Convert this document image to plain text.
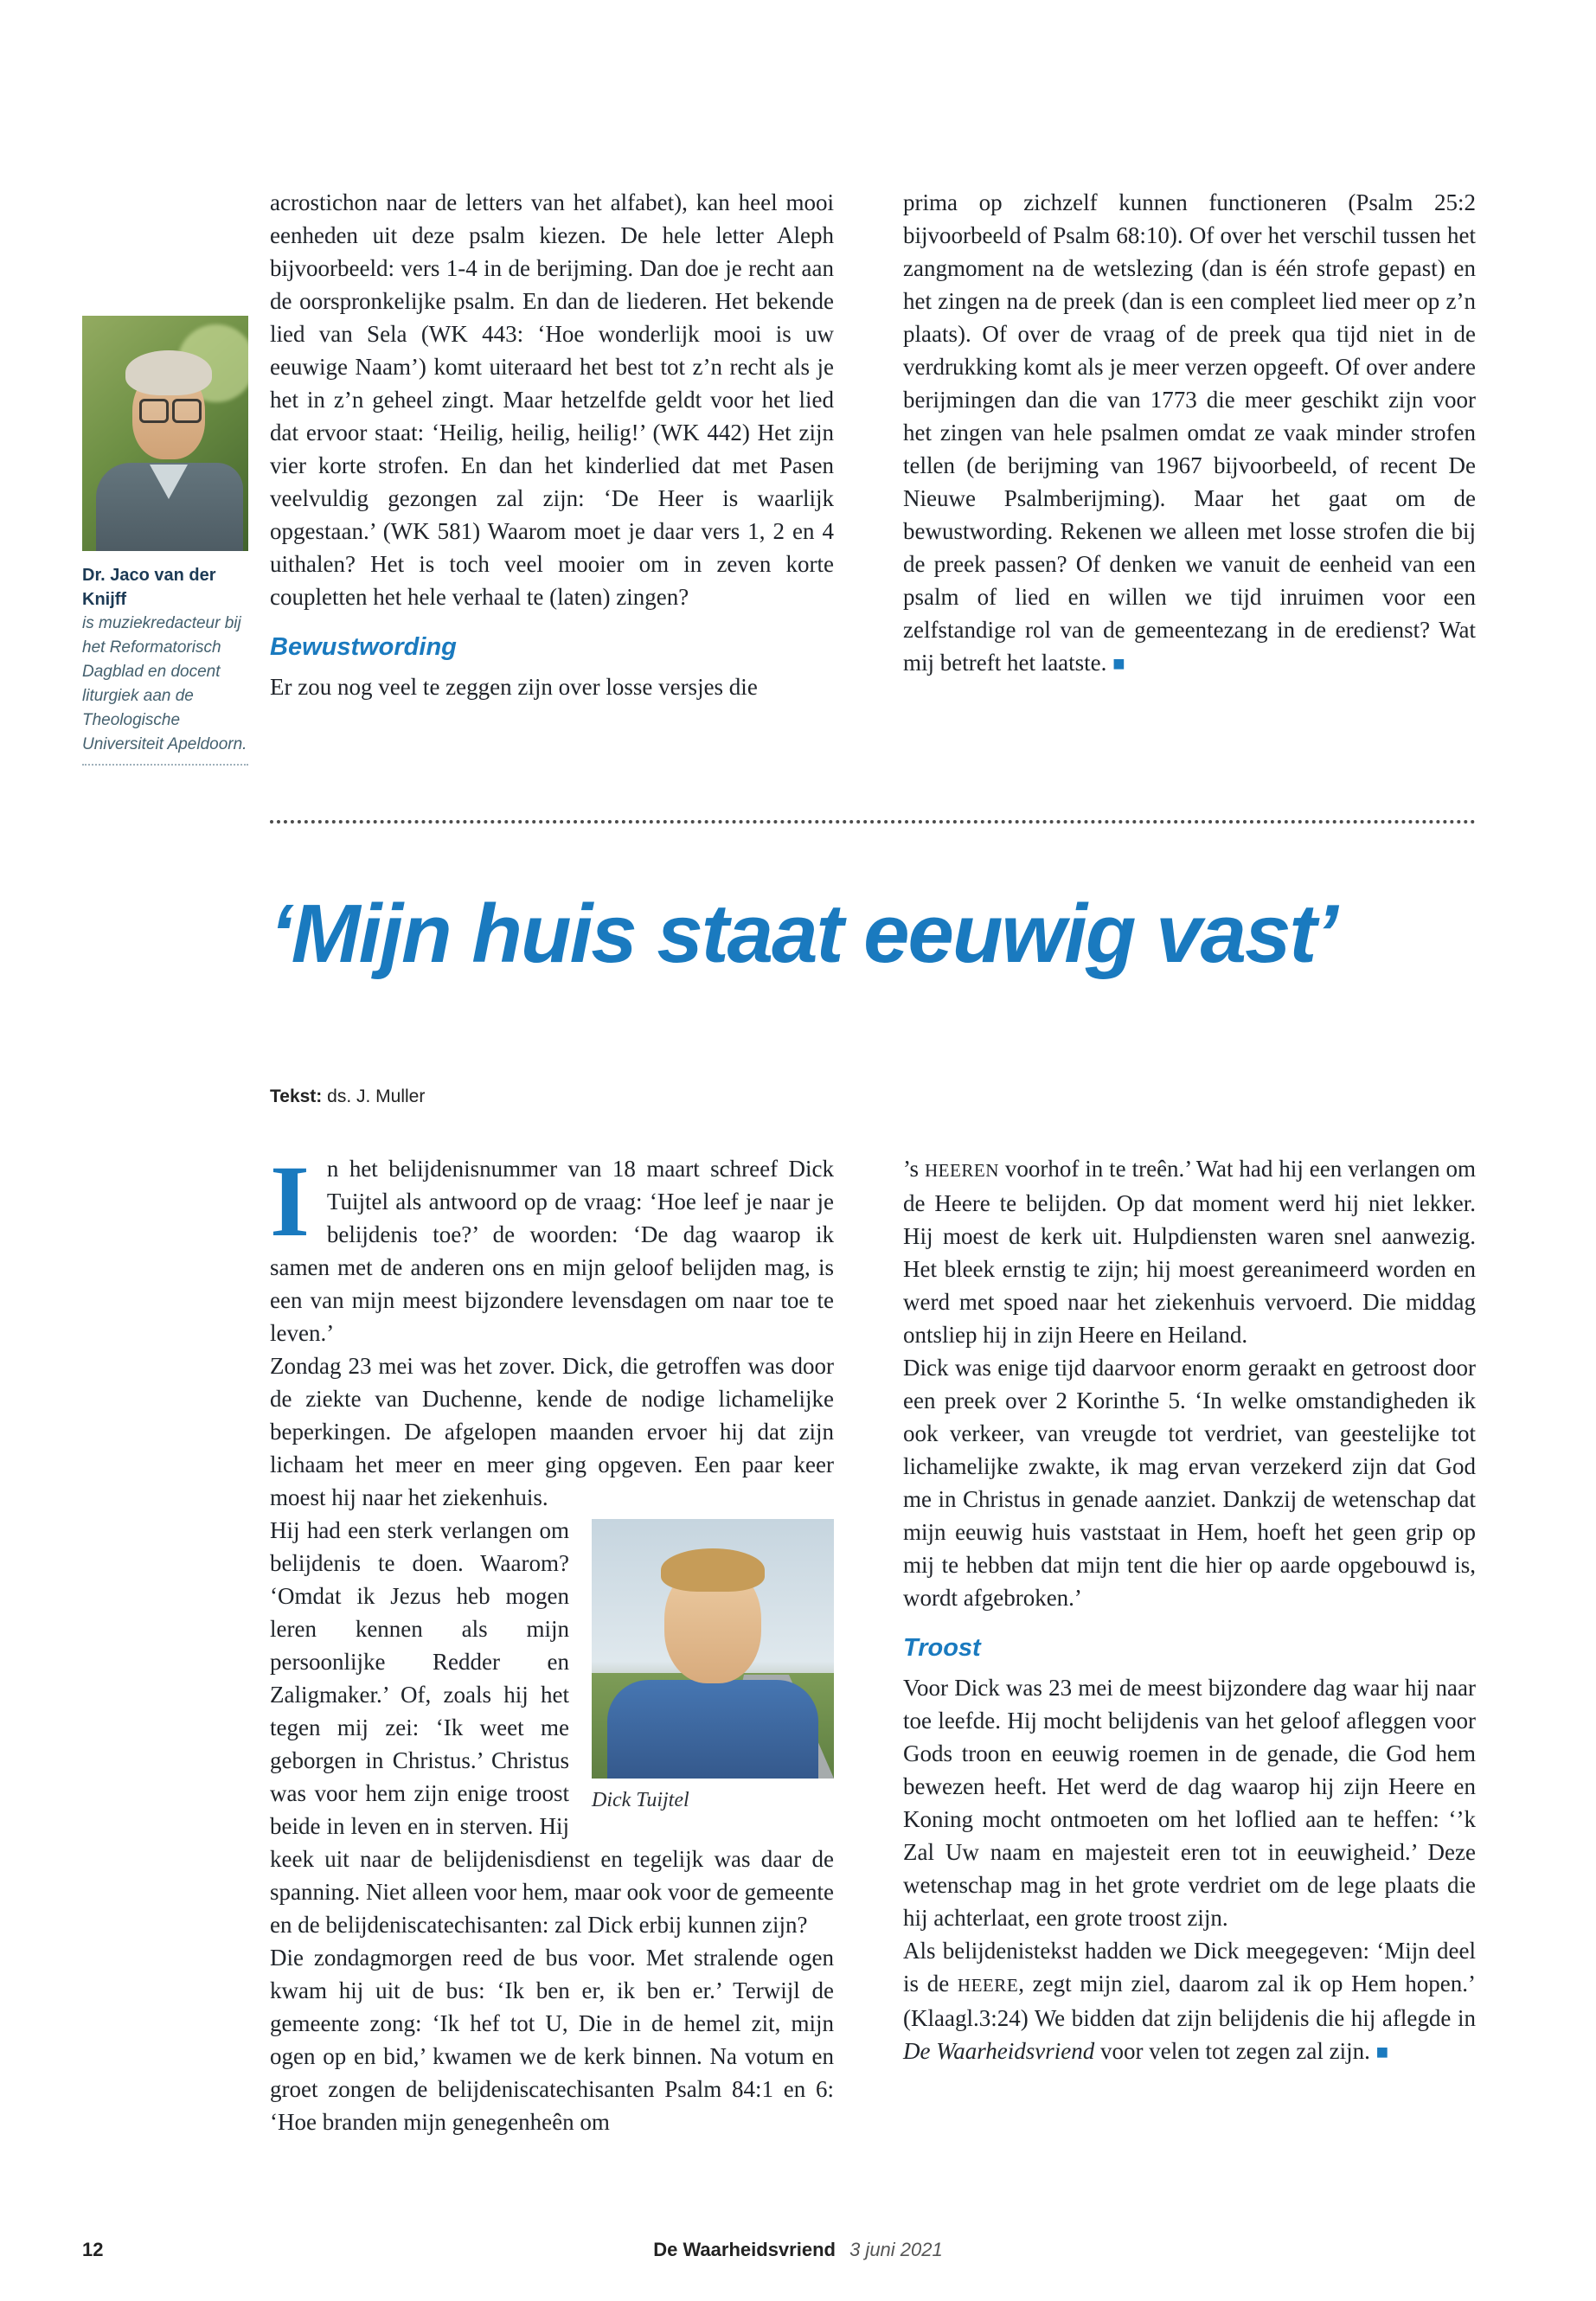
Dr. Jaco van der Knijff
is muziekredacteur bij het Reformatorisch Dagblad en docent liturgiek aan de Theologische Universiteit Apeldoorn.

acrostichon naar de letters van het alfabet), kan heel mooi eenheden uit deze psalm kiezen. De hele letter Aleph bijvoorbeeld: vers 1-4 in de berijming. Dan doe je recht aan de oorspronkelijke psalm. En dan de liederen. Het bekende lied van Sela (WK 443: ‘Hoe wonderlijk mooi is uw eeuwige Naam’) komt uiteraard het best tot z’n recht als je het in z’n geheel zingt. Maar hetzelfde geldt voor het lied dat ervoor staat: ‘Heilig, heilig, heilig!’ (WK 442) Het zijn vier korte strofen. En dan het kinderlied dat met Pasen veelvuldig gezongen zal zijn: ‘De Heer is waarlijk opgestaan.’ (WK 581) Waarom moet je daar vers 1, 2 en 4 uithalen? Het is toch veel mooier om in zeven korte coupletten het hele verhaal te (laten) zingen?

Bewustwording

Er zou nog veel te zeggen zijn over losse versjes die

prima op zichzelf kunnen functioneren (Psalm 25:2 bijvoorbeeld of Psalm 68:10). Of over het verschil tussen het zangmoment na de wetslezing (dan is één strofe gepast) en het zingen na de preek (dan is een compleet lied meer op z’n plaats). Of over de vraag of de preek qua tijd niet in de verdrukking komt als je meer verzen opgeeft. Of over andere berijmingen dan die van 1773 die meer geschikt zijn voor het zingen van hele psalmen omdat ze vaak minder strofen tellen (de berijming van 1967 bijvoorbeeld, of recent De Nieuwe Psalmberijming). Maar het gaat om de bewustwording. Rekenen we alleen met losse strofen die bij de preek passen? Of denken we vanuit de eenheid van een psalm of lied en willen we tijd inruimen voor een zelfstandige rol van de gemeentezang in de eredienst? Wat mij betreft het laatste. ■

‘Mijn huis staat eeuwig vast’
Tekst: ds. J. Muller

In het belijdenisnummer van 18 maart schreef Dick Tuijtel als antwoord op de vraag: ‘Hoe leef je naar je belijdenis toe?’ de woorden: ‘De dag waarop ik samen met de anderen ons en mijn geloof belijden mag, is een van mijn meest bijzondere levensdagen om naar toe te leven.’

Zondag 23 mei was het zover. Dick, die getroffen was door de ziekte van Duchenne, kende de nodige lichamelijke beperkingen. De afgelopen maanden ervoer hij dat zijn lichaam het meer en meer ging opgeven. Een paar keer moest hij naar het ziekenhuis.

Dick Tuijtel

Hij had een sterk verlangen om belijdenis te doen. Waarom? ‘Omdat ik Jezus heb mogen leren kennen als mijn persoonlijke Redder en Zaligmaker.’ Of, zoals hij het tegen mij zei: ‘Ik weet me geborgen in Christus.’ Christus was voor hem zijn enige troost beide in leven en in sterven. Hij keek uit naar de belijdenisdienst en tegelijk was daar de spanning. Niet alleen voor hem, maar ook voor de gemeente en de belijdeniscatechisanten: zal Dick erbij kunnen zijn?

Die zondagmorgen reed de bus voor. Met stralende ogen kwam hij uit de bus: ‘Ik ben er, ik ben er.’ Terwijl de gemeente zong: ‘Ik hef tot U, Die in de hemel zit, mijn ogen op en bid,’ kwamen we de kerk binnen. Na votum en groet zongen de belijdeniscatechisanten Psalm 84:1 en 6: ‘Hoe branden mijn genegenheên om

’s HEEREN voorhof in te treên.’ Wat had hij een verlangen om de Heere te belijden. Op dat moment werd hij niet lekker. Hij moest de kerk uit. Hulpdiensten waren snel aanwezig. Het bleek ernstig te zijn; hij moest gereanimeerd worden en werd met spoed naar het ziekenhuis vervoerd. Die middag ontsliep hij in zijn Heere en Heiland.

Dick was enige tijd daarvoor enorm geraakt en getroost door een preek over 2 Korinthe 5. ‘In welke omstandigheden ik ook verkeer, van vreugde tot verdriet, van geestelijke tot lichamelijke zwakte, ik mag ervan verzekerd zijn dat God me in Christus in genade aanziet. Dankzij de wetenschap dat mijn eeuwig huis vaststaat in Hem, hoeft het geen grip op mij te hebben dat mijn tent die hier op aarde opgebouwd is, wordt afgebroken.’

Troost

Voor Dick was 23 mei de meest bijzondere dag waar hij naar toe leefde. Hij mocht belijdenis van het geloof afleggen voor Gods troon en eeuwig roemen in de genade, die God hem bewezen heeft. Het werd de dag waarop hij zijn Heere en Koning mocht ontmoeten om het loflied aan te heffen: ‘’k Zal Uw naam en majesteit eren tot in eeuwigheid.’ Deze wetenschap mag in het grote verdriet om de lege plaats die hij achterlaat, een grote troost zijn.

Als belijdenistekst hadden we Dick meegegeven: ‘Mijn deel is de HEERE, zegt mijn ziel, daarom zal ik op Hem hopen.’ (Klaagl.3:24) We bidden dat zijn belijdenis die hij aflegde in De Waarheidsvriend voor velen tot zegen zal zijn. ■

12	De Waarheidsvriend 3 juni 2021
